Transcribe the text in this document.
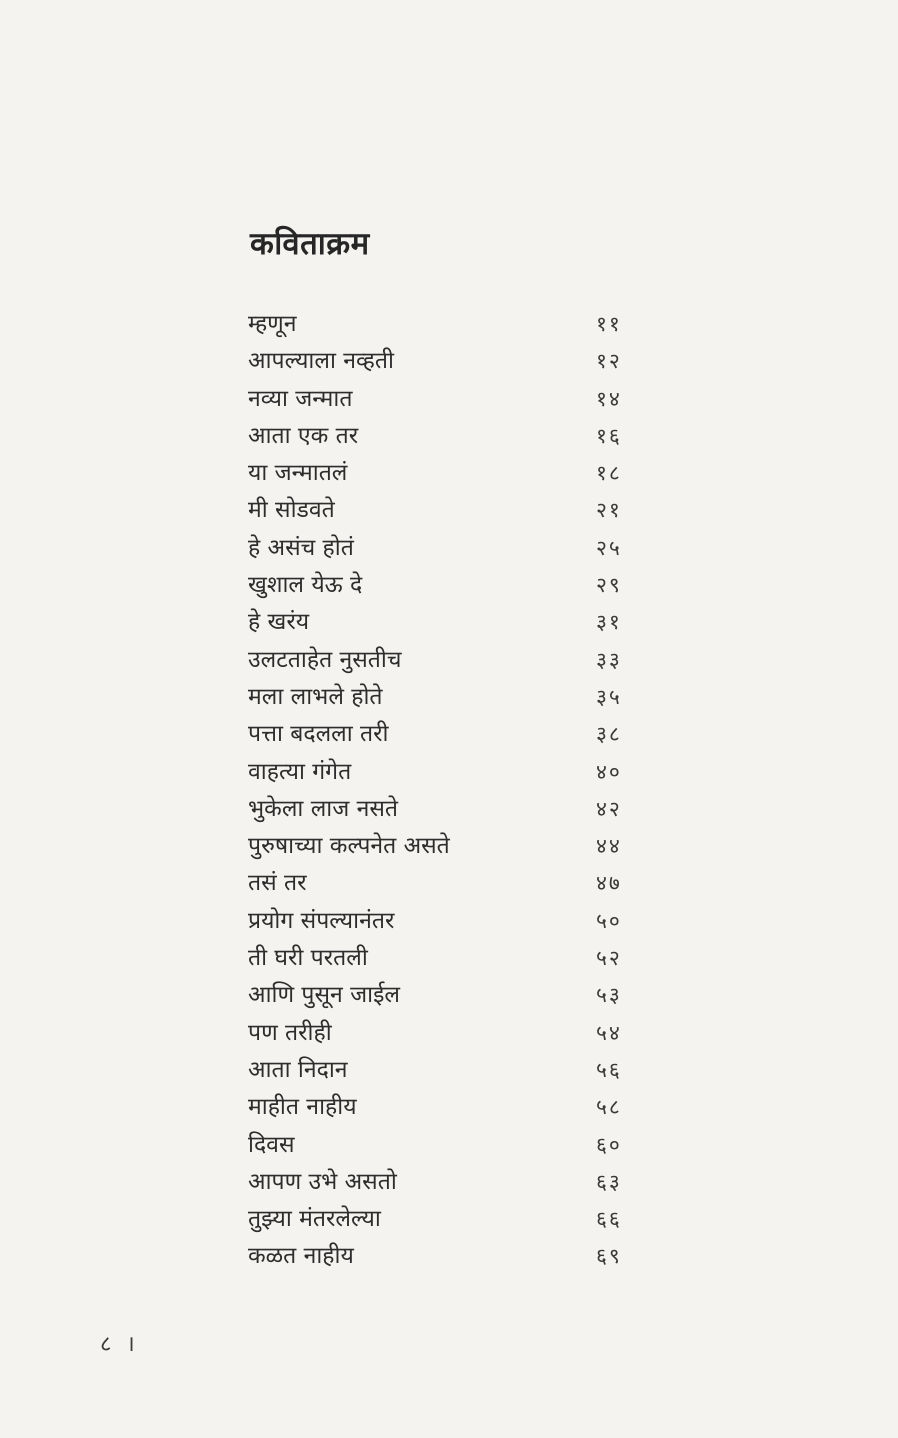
कविताक्रम
म्हणून	११
आपल्याला नव्हती	१२
नव्या जन्मात	१४
आता एक तर	१६
या जन्मातलं	१८
मी सोडवते	२१
हे असंच होतं	२५
खुशाल येऊ दे	२९
हे खरंय	३१
उलटताहेत नुसतीच	३३
मला लाभले होते	३५
पत्ता बदलला तरी	३८
वाहत्या गंगेत	४०
भुकेला लाज नसते	४२
पुरुषाच्या कल्पनेत असते	४४
तसं तर	४७
प्रयोग संपल्यानंतर	५०
ती घरी परतली	५२
आणि पुसून जाईल	५३
पण तरीही	५४
आता निदान	५६
माहीत नाहीय	५८
दिवस	६०
आपण उभे असतो	६३
तुझ्या मंतरलेल्या	६६
कळत नाहीय	६९
८ ।
